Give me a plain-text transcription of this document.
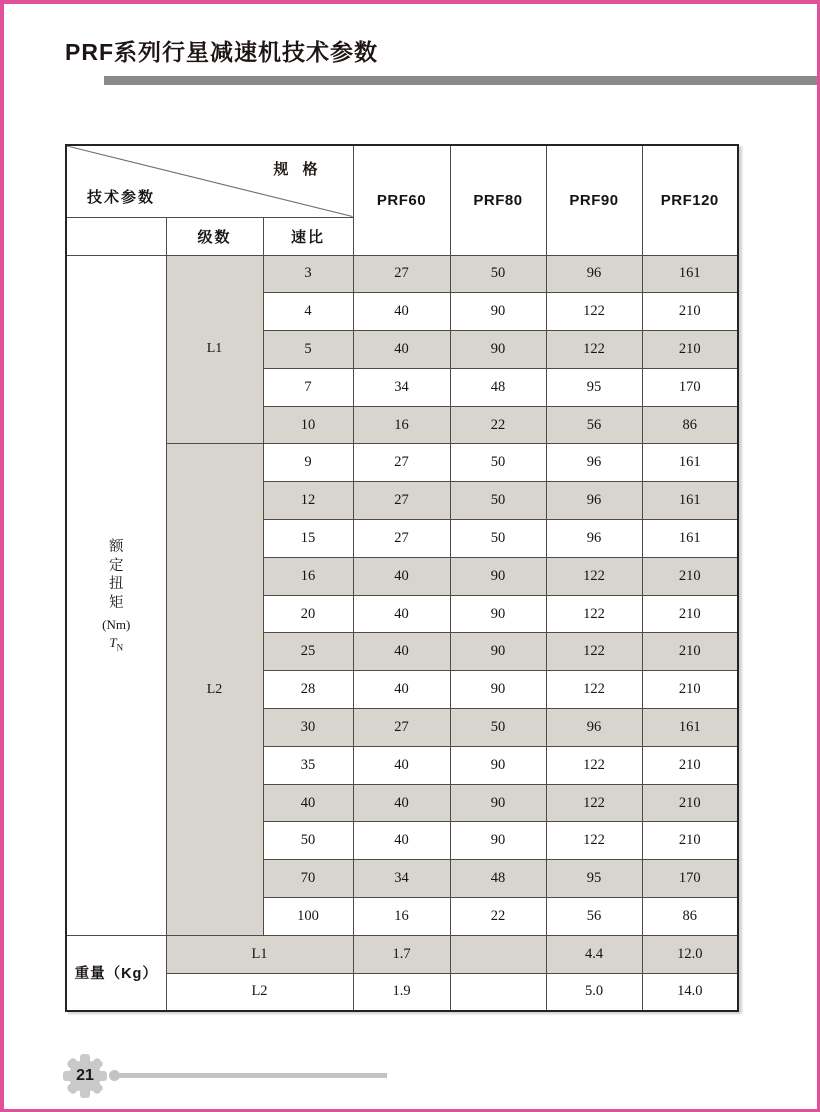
PRF系列行星减速机技术参数
规 格
技术参数			PRF60	PRF80	PRF90	PRF120
	级数	速比				

额
定
扭
矩
(Nm)
$T_N$
	L1	3	27	50	96	161
		4	40	90	122	210
		5	40	90	122	210
		7	34	48	95	170
		10	16	22	56	86
	L2	9	27	50	96	161
		12	27	50	96	161
		15	27	50	96	161
		16	40	90	122	210
		20	40	90	122	210
		25	40	90	122	210
		28	40	90	122	210
		30	27	50	96	161
		35	40	90	122	210
		40	40	90	122	210
		50	40	90	122	210
		70	34	48	95	170
		100	16	22	56	86
重量（Kg）	L1		1.7		4.4	12.0
	L2		1.9		5.0	14.0
21
